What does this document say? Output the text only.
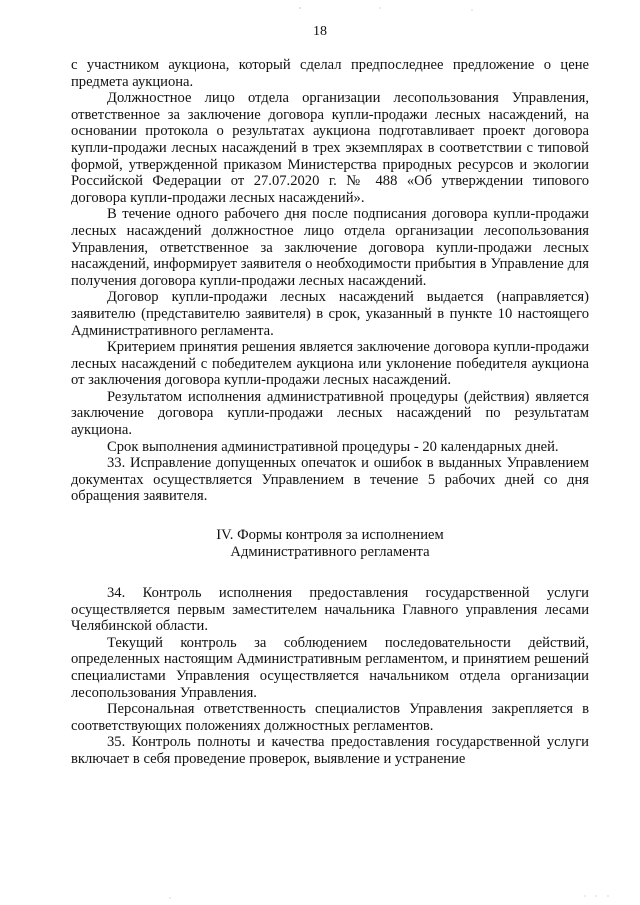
18

с участником аукциона, который сделал предпоследнее предложение о цене предмета аукциона.

Должностное лицо отдела организации лесопользования Управления, ответственное за заключение договора купли-продажи лесных насаждений, на основании протокола о результатах аукциона подготавливает проект договора купли-продажи лесных насаждений в трех экземплярах в соответствии с типовой формой, утвержденной приказом Министерства природных ресурсов и экологии Российской Федерации от 27.07.2020 г. № 488 «Об утверждении типового договора купли-продажи лесных насаждений».

В течение одного рабочего дня после подписания договора купли-продажи лесных насаждений должностное лицо отдела организации лесопользования Управления, ответственное за заключение договора купли-продажи лесных насаждений, информирует заявителя о необходимости прибытия в Управление для получения договора купли-продажи лесных насаждений.

Договор купли-продажи лесных насаждений выдается (направляется) заявителю (представителю заявителя) в срок, указанный в пункте 10 настоящего Административного регламента.

Критерием принятия решения является заключение договора купли-продажи лесных насаждений с победителем аукциона или уклонение победителя аукциона от заключения договора купли-продажи лесных насаждений.

Результатом исполнения административной процедуры (действия) является заключение договора купли-продажи лесных насаждений по результатам аукциона.

Срок выполнения административной процедуры - 20 календарных дней.

33. Исправление допущенных опечаток и ошибок в выданных Управлением документах осуществляется Управлением в течение 5 рабочих дней со дня обращения заявителя.

IV. Формы контроля за исполнением
Административного регламента

34. Контроль исполнения предоставления государственной услуги осуществляется первым заместителем начальника Главного управления лесами Челябинской области.

Текущий контроль за соблюдением последовательности действий, определенных настоящим Административным регламентом, и принятием решений специалистами Управления осуществляется начальником отдела организации лесопользования Управления.

Персональная ответственность специалистов Управления закрепляется в соответствующих положениях должностных регламентов.

35. Контроль полноты и качества предоставления государственной услуги включает в себя проведение проверок, выявление и устранение
